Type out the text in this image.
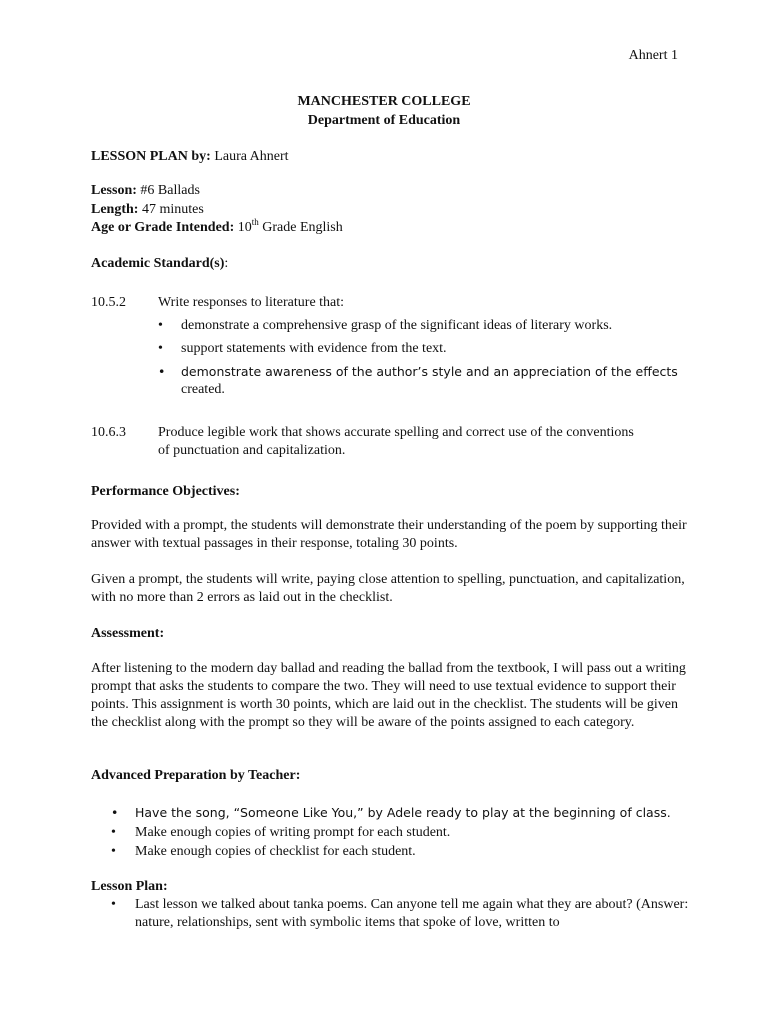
Ahnert 1
MANCHESTER COLLEGE
Department of Education
LESSON PLAN by: Laura Ahnert
Lesson: #6 Ballads
Length: 47 minutes
Age or Grade Intended: 10th Grade English
Academic Standard(s):
10.5.2 Write responses to literature that:
• demonstrate a comprehensive grasp of the significant ideas of literary works.
• support statements with evidence from the text.
• demonstrate awareness of the author’s style and an appreciation of the effects
created.
10.6.3 Produce legible work that shows accurate spelling and correct use of the conventions
of punctuation and capitalization.
Performance Objectives:
Provided with a prompt, the students will demonstrate their understanding of the poem by supporting their answer with textual passages in their response, totaling 30 points.
Given a prompt, the students will write, paying close attention to spelling, punctuation, and capitalization, with no more than 2 errors as laid out in the checklist.
Assessment:
After listening to the modern day ballad and reading the ballad from the textbook, I will pass out a writing prompt that asks the students to compare the two. They will need to use textual evidence to support their points. This assignment is worth 30 points, which are laid out in the checklist. The students will be given the checklist along with the prompt so they will be aware of the points assigned to each category.
Advanced Preparation by Teacher:
• Have the song, “Someone Like You,” by Adele ready to play at the beginning of class.
• Make enough copies of writing prompt for each student.
• Make enough copies of checklist for each student.
Lesson Plan:
• Last lesson we talked about tanka poems. Can anyone tell me again what they are about? (Answer: nature, relationships, sent with symbolic items that spoke of love, written to
